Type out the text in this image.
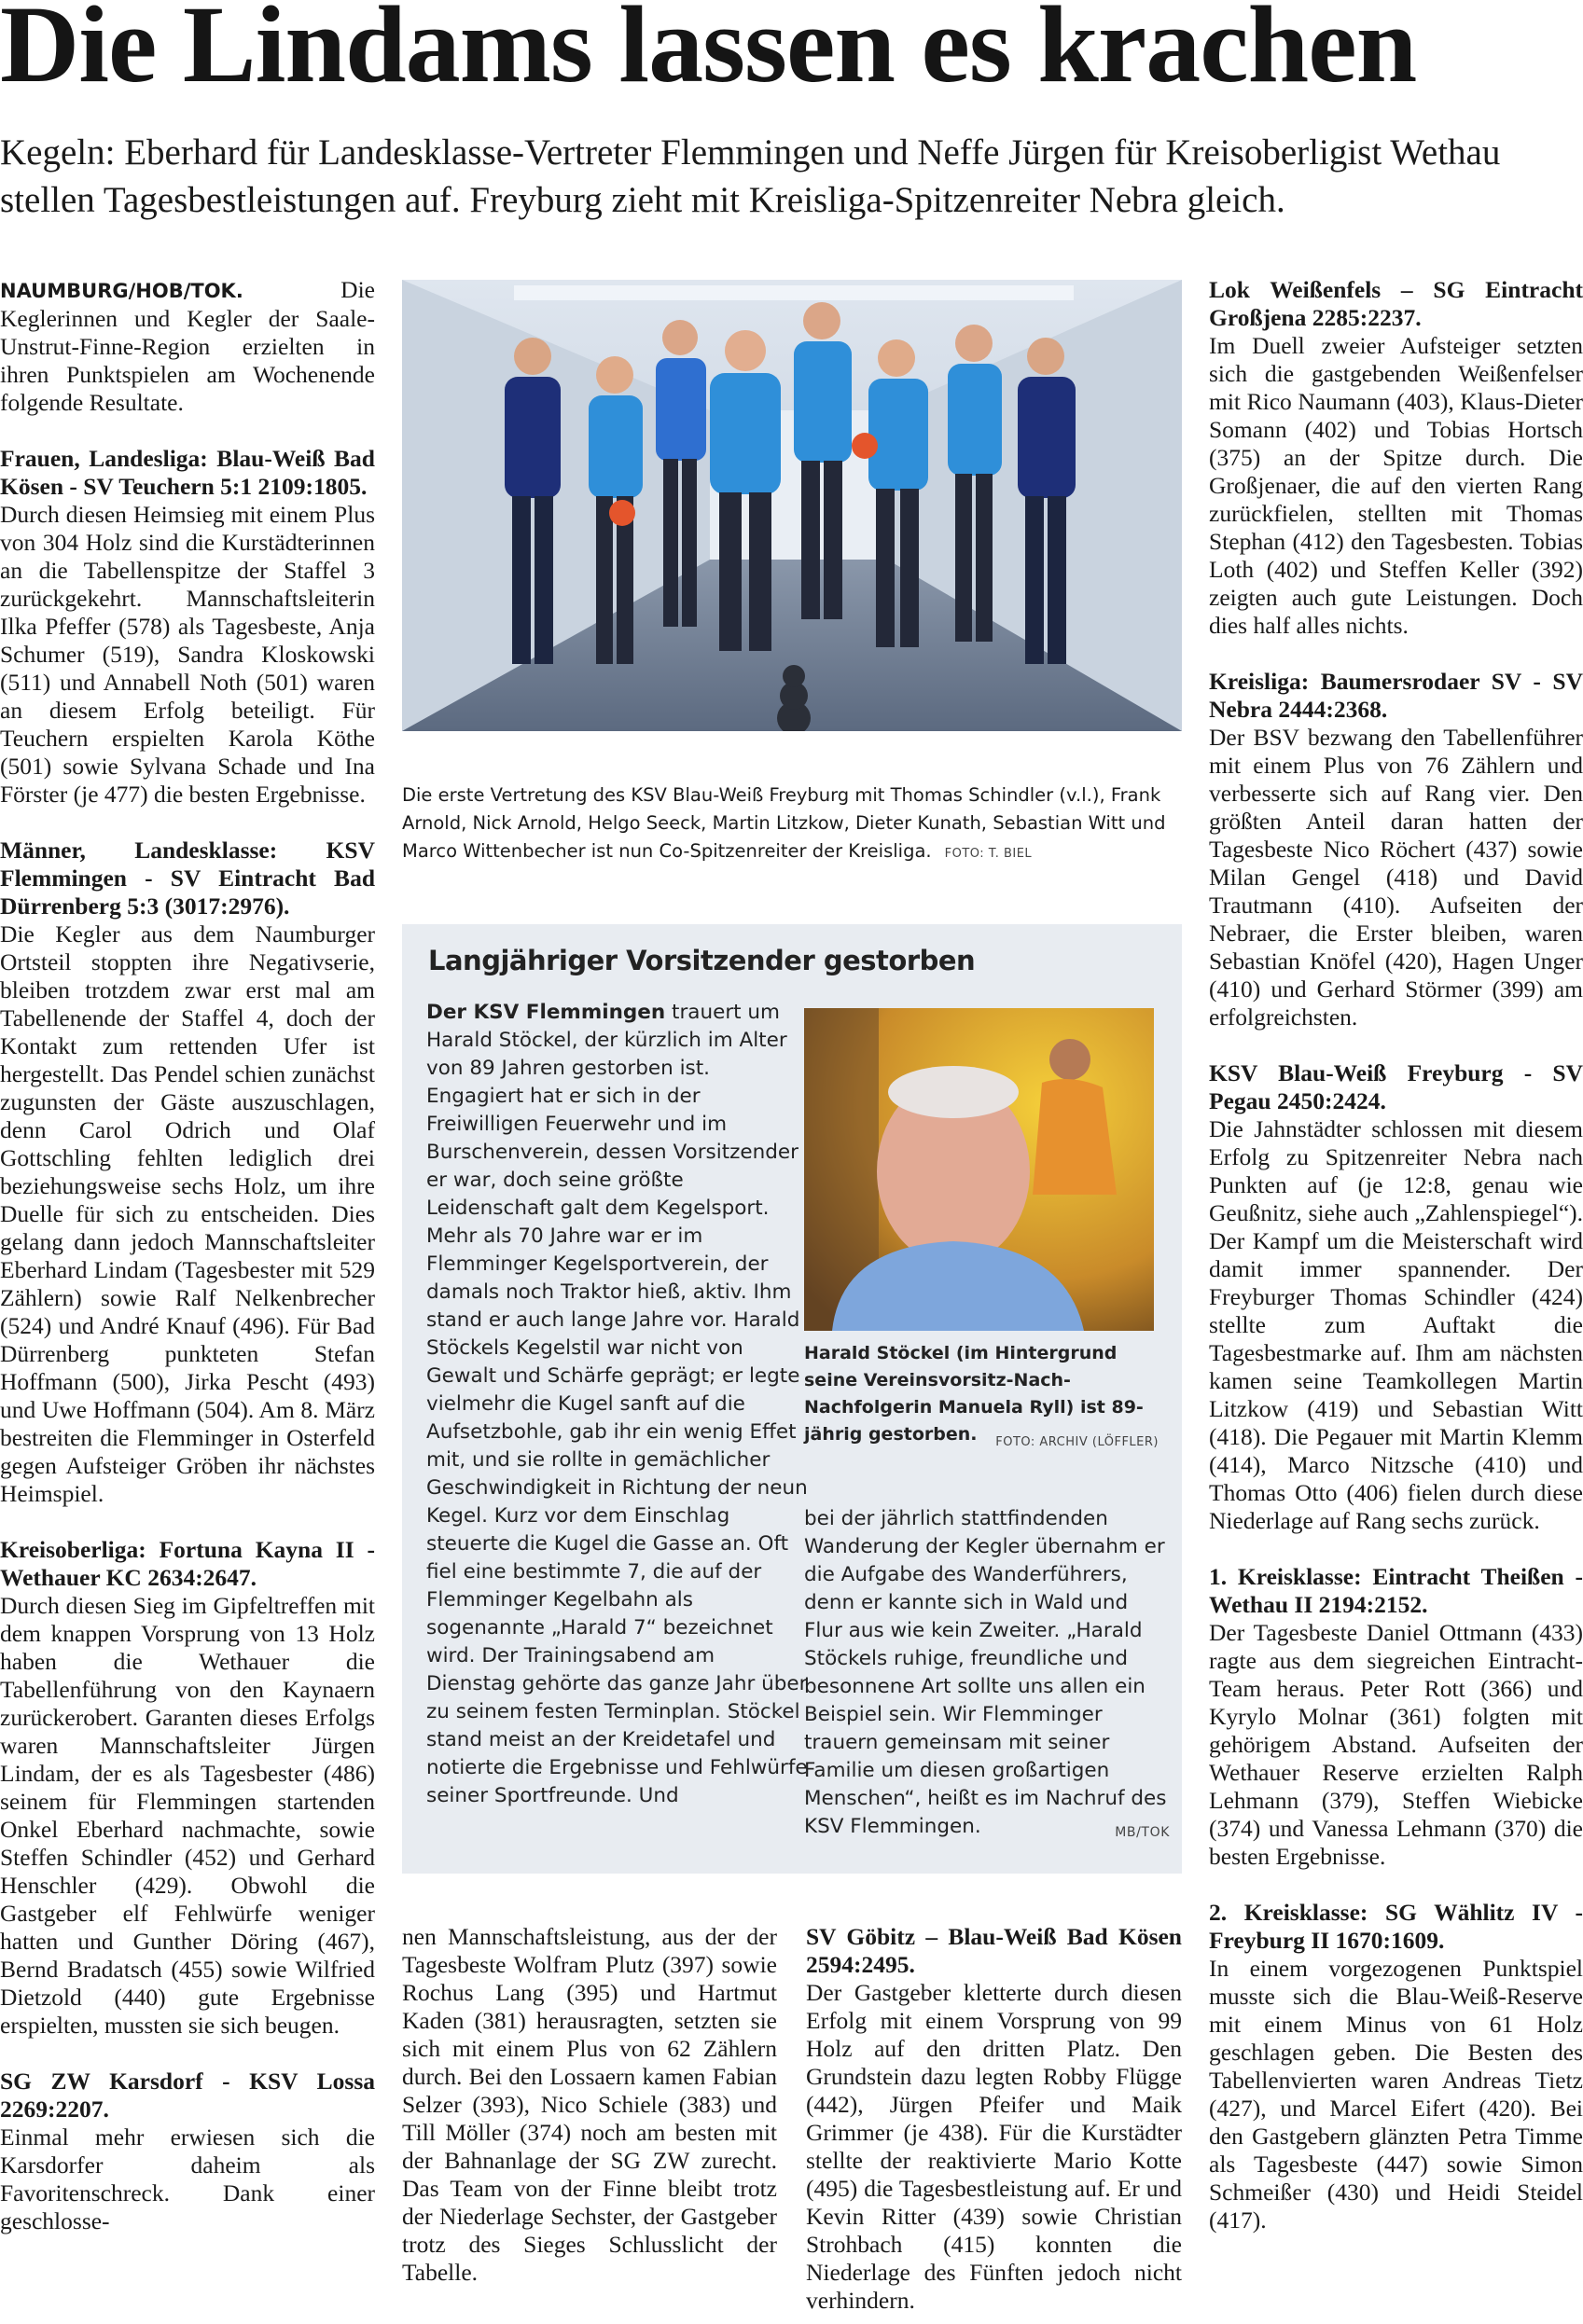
Die Lindams lassen es krachen

Kegeln: Eberhard für Landesklasse-Vertreter Flemmingen und Neffe Jürgen für Kreisoberligist Wethau stellen Tagesbestleistungen auf. Freyburg zieht mit Kreisliga-Spitzenreiter Nebra gleich.

NAUMBURG/HOB/TOK.	Die Keglerinnen und Kegler der Saale-Unstrut-Finne-Region erzielten in ihren Punktspielen am Wochenende folgende Resultate.

Frauen, Landesliga: Blau-Weiß Bad Kösen - SV Teuchern 5:1 2109:1805.

Durch diesen Heimsieg mit einem Plus von 304 Holz sind die Kurstädterinnen an die Tabellenspitze der Staffel 3 zurückgekehrt. Mannschaftsleiterin Ilka Pfeffer (578) als Tagesbeste, Anja Schumer (519), Sandra Kloskowski (511) und Annabell Noth (501) waren an diesem Erfolg beteiligt. Für Teuchern erspielten Karola Köthe (501) sowie Sylvana Schade und Ina Förster (je 477) die besten Ergebnisse.

Männer, Landesklasse: KSV Flemmingen - SV Eintracht Bad Dürrenberg 5:3 (3017:2976).

Die Kegler aus dem Naumburger Ortsteil stoppten ihre Negativserie, bleiben trotzdem zwar erst mal am Tabellenende der Staffel 4, doch der Kontakt zum rettenden Ufer ist hergestellt. Das Pendel schien zunächst zugunsten der Gäste auszuschlagen, denn Carol Odrich und Olaf Gottschling fehlten lediglich drei beziehungsweise sechs Holz, um ihre Duelle für sich zu entscheiden. Dies gelang dann jedoch Mannschaftsleiter Eberhard Lindam (Tagesbester mit 529 Zählern) sowie Ralf Nelkenbrecher (524) und André Knauf (496). Für Bad Dürrenberg punkteten Stefan Hoffmann (500), Jirka Pescht (493) und Uwe Hoffmann (504). Am 8. März bestreiten die Flemminger in Osterfeld gegen Aufsteiger Gröben ihr nächstes Heimspiel.

Kreisoberliga: Fortuna Kayna II - Wethauer KC 2634:2647.

Durch diesen Sieg im Gipfeltreffen mit dem knappen Vorsprung von 13 Holz haben die Wethauer die Tabellenführung von den Kaynaern zurückerobert. Garanten dieses Erfolgs waren Mannschaftsleiter Jürgen Lindam, der es als Tagesbester (486) seinem für Flemmingen startenden Onkel Eberhard nachmachte, sowie Steffen Schindler (452) und Gerhard Henschler (429). Obwohl die Gastgeber elf Fehlwürfe weniger hatten und Gunther Döring (467), Bernd Bradatsch (455) sowie Wilfried Dietzold (440) gute Ergebnisse erspielten, mussten sie sich beugen.

SG ZW Karsdorf - KSV Lossa 2269:2207.

Einmal mehr erwiesen sich die Karsdorfer daheim als Favoritenschreck. Dank einer geschlosse-

Die erste Vertretung des KSV Blau-Weiß Freyburg mit Thomas Schindler (v.l.), Frank Arnold, Nick Arnold, Helgo Seeck, Martin Litzkow, Dieter Kunath, Sebastian Witt und Marco Wittenbecher ist nun Co-Spitzenreiter der Kreisliga. FOTO: T. BIEL
Langjähriger Vorsitzender gestorben
Der KSV Flemmingen trauert um Harald Stöckel, der kürzlich im Alter von 89 Jahren gestorben ist. Engagiert hat er sich in der Freiwilligen Feuerwehr und im Burschenverein, dessen Vorsitzender er war, doch seine größte Leidenschaft galt dem Kegelsport. Mehr als 70 Jahre war er im Flemminger Kegelsportverein, der damals noch Traktor hieß, aktiv. Ihm stand er auch lange Jahre vor. Harald Stöckels Kegelstil war nicht von Gewalt und Schärfe geprägt; er legte vielmehr die Kugel sanft auf die Aufsetzbohle, gab ihr ein wenig Effet mit, und sie rollte in gemächlicher Geschwindigkeit in Richtung der neun Kegel. Kurz vor dem Einschlag steuerte die Kugel die Gasse an. Oft fiel eine bestimmte 7, die auf der Flemminger Kegelbahn als sogenannte „Harald 7“ bezeichnet wird. Der Trainingsabend am Dienstag gehörte das ganze Jahr über zu seinem festen Terminplan. Stöckel stand meist an der Kreidetafel und notierte die Ergebnisse und Fehlwürfe seiner Sportfreunde. Und
Harald Stöckel (im Hintergrund seine Vereinsvorsitz-Nach-Nachfolgerin Manuela Ryll) ist 89-jährig gestorben. FOTO: ARCHIV (LÖFFLER)
bei der jährlich stattfindenden Wanderung der Kegler übernahm er die Aufgabe des Wanderführers, denn er kannte sich in Wald und Flur aus wie kein Zweiter. „Harald Stöckels ruhige, freundliche und besonnene Art sollte uns allen ein Beispiel sein. Wir Flemminger trauern gemeinsam mit seiner Familie um diesen großartigen Menschen“, heißt es im Nachruf des KSV Flemmingen.	MB/TOK

nen Mannschaftsleistung, aus der der Tagesbeste Wolfram Plutz (397) sowie Rochus Lang (395) und Hartmut Kaden (381) herausragten, setzten sie sich mit einem Plus von 62 Zählern durch. Bei den Lossaern kamen Fabian Selzer (393), Nico Schiele (383) und Till Möller (374) noch am besten mit der Bahnanlage der SG ZW zurecht. Das Team von der Finne bleibt trotz der Niederlage Sechster, der Gastgeber trotz des Sieges Schlusslicht der Tabelle.

SV Göbitz – Blau-Weiß Bad Kösen 2594:2495.

Der Gastgeber kletterte durch diesen Erfolg mit einem Vorsprung von 99 Holz auf den dritten Platz. Den Grundstein dazu legten Robby Flügge (442), Jürgen Pfeifer und Maik Grimmer (je 438). Für die Kurstädter stellte der reaktivierte Mario Kotte (495) die Tagesbestleistung auf. Er und Kevin Ritter (439) sowie Christian Strohbach (415) konnten die Niederlage des Fünften jedoch nicht verhindern.

Lok Weißenfels – SG Eintracht Großjena 2285:2237.

Im Duell zweier Aufsteiger setzten sich die gastgebenden Weißenfelser mit Rico Naumann (403), Klaus-Dieter Somann (402) und Tobias Hortsch (375) an der Spitze durch. Die Großjenaer, die auf den vierten Rang zurückfielen, stellten mit Thomas Stephan (412) den Tagesbesten. Tobias Loth (402) und Steffen Keller (392) zeigten auch gute Leistungen. Doch dies half alles nichts.

Kreisliga: Baumersrodaer SV - SV Nebra 2444:2368.

Der BSV bezwang den Tabellenführer mit einem Plus von 76 Zählern und verbesserte sich auf Rang vier. Den größten Anteil daran hatten der Tagesbeste Nico Röchert (437) sowie Milan Gengel (418) und David Trautmann (410). Aufseiten der Nebraer, die Erster bleiben, waren Sebastian Knöfel (420), Hagen Unger (410) und Gerhard Störmer (399) am erfolgreichsten.

KSV Blau-Weiß Freyburg - SV Pegau 2450:2424.

Die Jahnstädter schlossen mit diesem Erfolg zu Spitzenreiter Nebra nach Punkten auf (je 12:8, genau wie Geußnitz, siehe auch „Zahlenspiegel“). Der Kampf um die Meisterschaft wird damit immer spannender. Der Freyburger Thomas Schindler (424) stellte zum Auftakt die Tagesbestmarke auf. Ihm am nächsten kamen seine Teamkollegen Martin Litzkow (419) und Sebastian Witt (418). Die Pegauer mit Martin Klemm (414), Marco Nitzsche (410) und Thomas Otto (406) fielen durch diese Niederlage auf Rang sechs zurück.

1. Kreisklasse: Eintracht Theißen - Wethau II 2194:2152.

Der Tagesbeste Daniel Ottmann (433) ragte aus dem siegreichen Eintracht-Team heraus. Peter Rott (366) und Kyrylo Molnar (361) folgten mit gehörigem Abstand. Aufseiten der Wethauer Reserve erzielten Ralph Lehmann (379), Steffen Wiebicke (374) und Vanessa Lehmann (370) die besten Ergebnisse.

2. Kreisklasse: SG Wählitz IV - Freyburg II 1670:1609.

In einem vorgezogenen Punktspiel musste sich die Blau-Weiß-Reserve mit einem Minus von 61 Holz geschlagen geben. Die Besten des Tabellenvierten waren Andreas Tietz (427), und Marcel Eifert (420). Bei den Gastgebern glänzten Petra Timme als Tagesbeste (447) sowie Simon Schmeißer (430) und Heidi Steidel (417).
